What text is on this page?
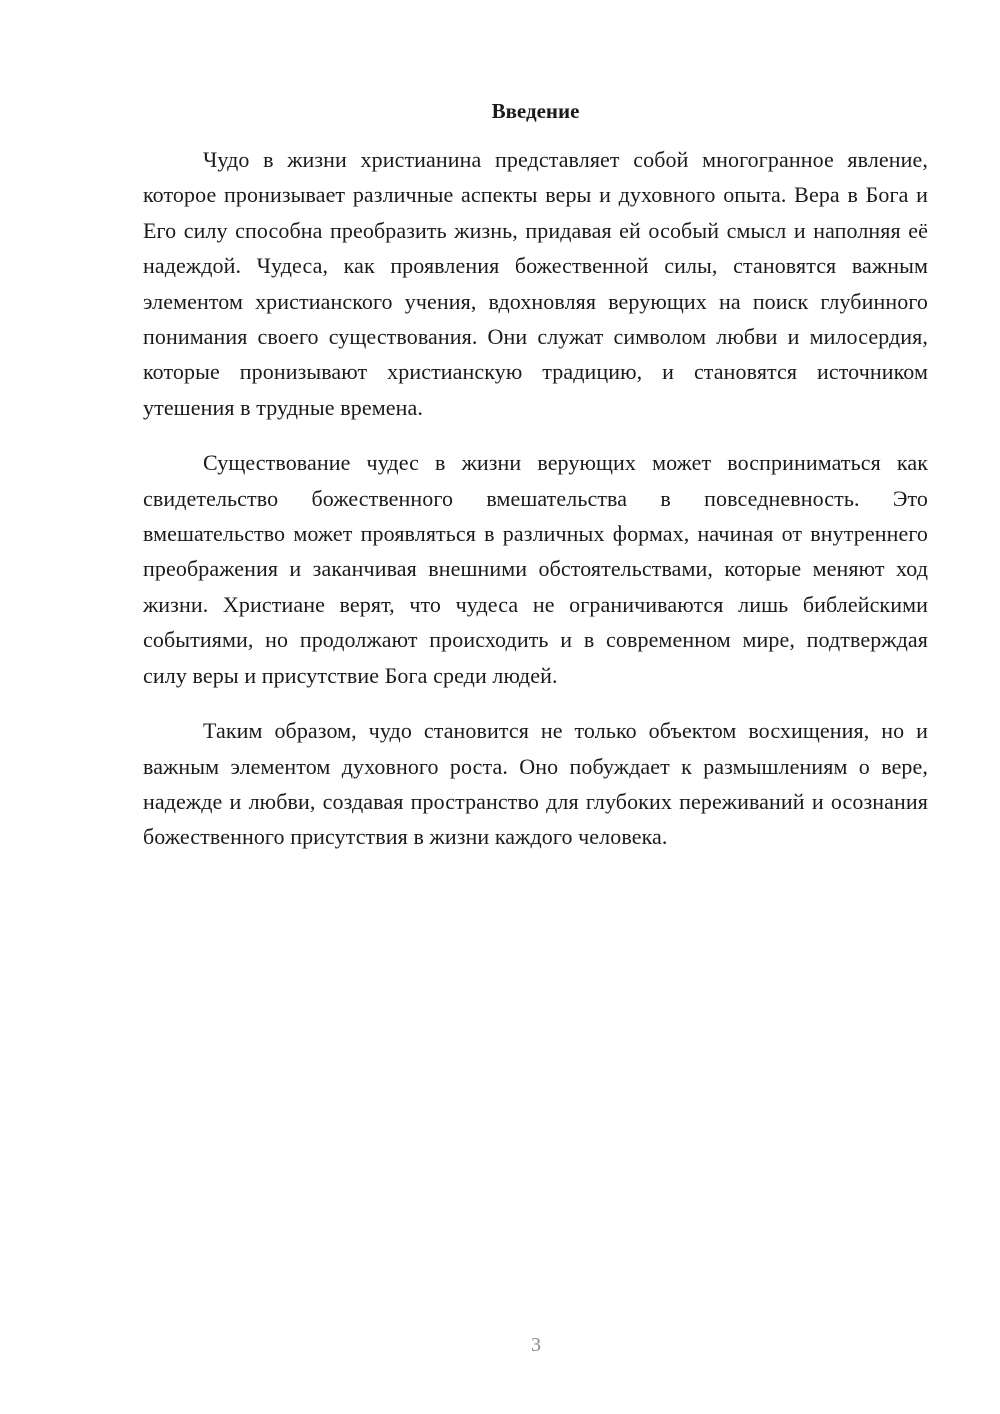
Введение

Чудо в жизни христианина представляет собой многогранное явление, которое пронизывает различные аспекты веры и духовного опыта. Вера в Бога и Его силу способна преобразить жизнь, придавая ей особый смысл и наполняя её надеждой. Чудеса, как проявления божественной силы, становятся важным элементом христианского учения, вдохновляя верующих на поиск глубинного понимания своего существования. Они служат символом любви и милосердия, которые пронизывают христианскую традицию, и становятся источником утешения в трудные времена.

Существование чудес в жизни верующих может восприниматься как свидетельство божественного вмешательства в повседневность. Это вмешательство может проявляться в различных формах, начиная от внутреннего преображения и заканчивая внешними обстоятельствами, которые меняют ход жизни. Христиане верят, что чудеса не ограничиваются лишь библейскими событиями, но продолжают происходить и в современном мире, подтверждая силу веры и присутствие Бога среди людей.

Таким образом, чудо становится не только объектом восхищения, но и важным элементом духовного роста. Оно побуждает к размышлениям о вере, надежде и любви, создавая пространство для глубоких переживаний и осознания божественного присутствия в жизни каждого человека.

3
